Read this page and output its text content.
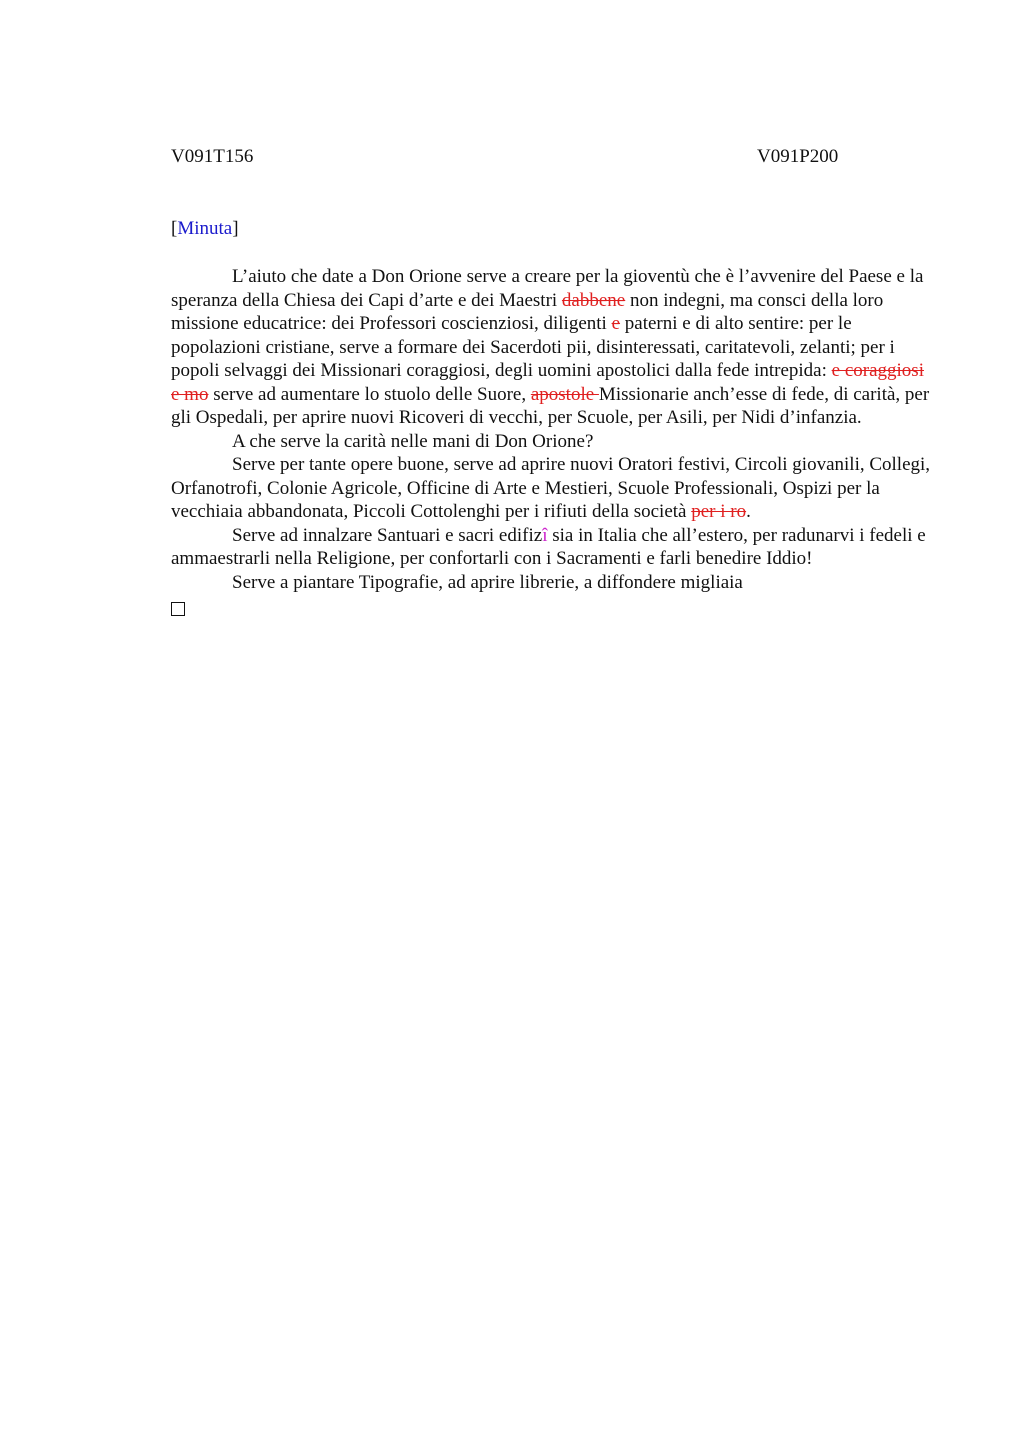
V091T156	V091P200
[Minuta]

L’aiuto che date a Don Orione serve a creare per la gioventù che è l’avvenire del Paese e la speranza della Chiesa dei Capi d’arte e dei Maestri dabbene non indegni, ma consci della loro missione educatrice: dei Professori coscienziosi, diligenti e paterni e di alto sentire: per le popolazioni cristiane, serve a formare dei Sacerdoti pii, disinteressati, caritatevoli, zelanti; per i popoli selvaggi dei Missionari coraggiosi, degli uomini apostolici dalla fede intrepida: e coraggiosi e mo serve ad aumentare lo stuolo delle Suore, apostole Missionarie anch’esse di fede, di carità, per gli Ospedali, per aprire nuovi Ricoveri di vecchi, per Scuole, per Asili, per Nidi d’infanzia.

A che serve la carità nelle mani di Don Orione?

Serve per tante opere buone, serve ad aprire nuovi Oratori festivi, Circoli giovanili, Collegi, Orfanotrofi, Colonie Agricole, Officine di Arte e Mestieri, Scuole Professionali, Ospizi per la vecchiaia abbandonata, Piccoli Cottolenghi per i rifiuti della società per i ro.

Serve ad innalzare Santuari e sacri edifizî sia in Italia che all’estero, per radunarvi i fedeli e ammaestrarli nella Religione, per confortarli con i Sacramenti e farli benedire Iddio!

Serve a piantare Tipografie, ad aprire librerie, a diffondere migliaia
